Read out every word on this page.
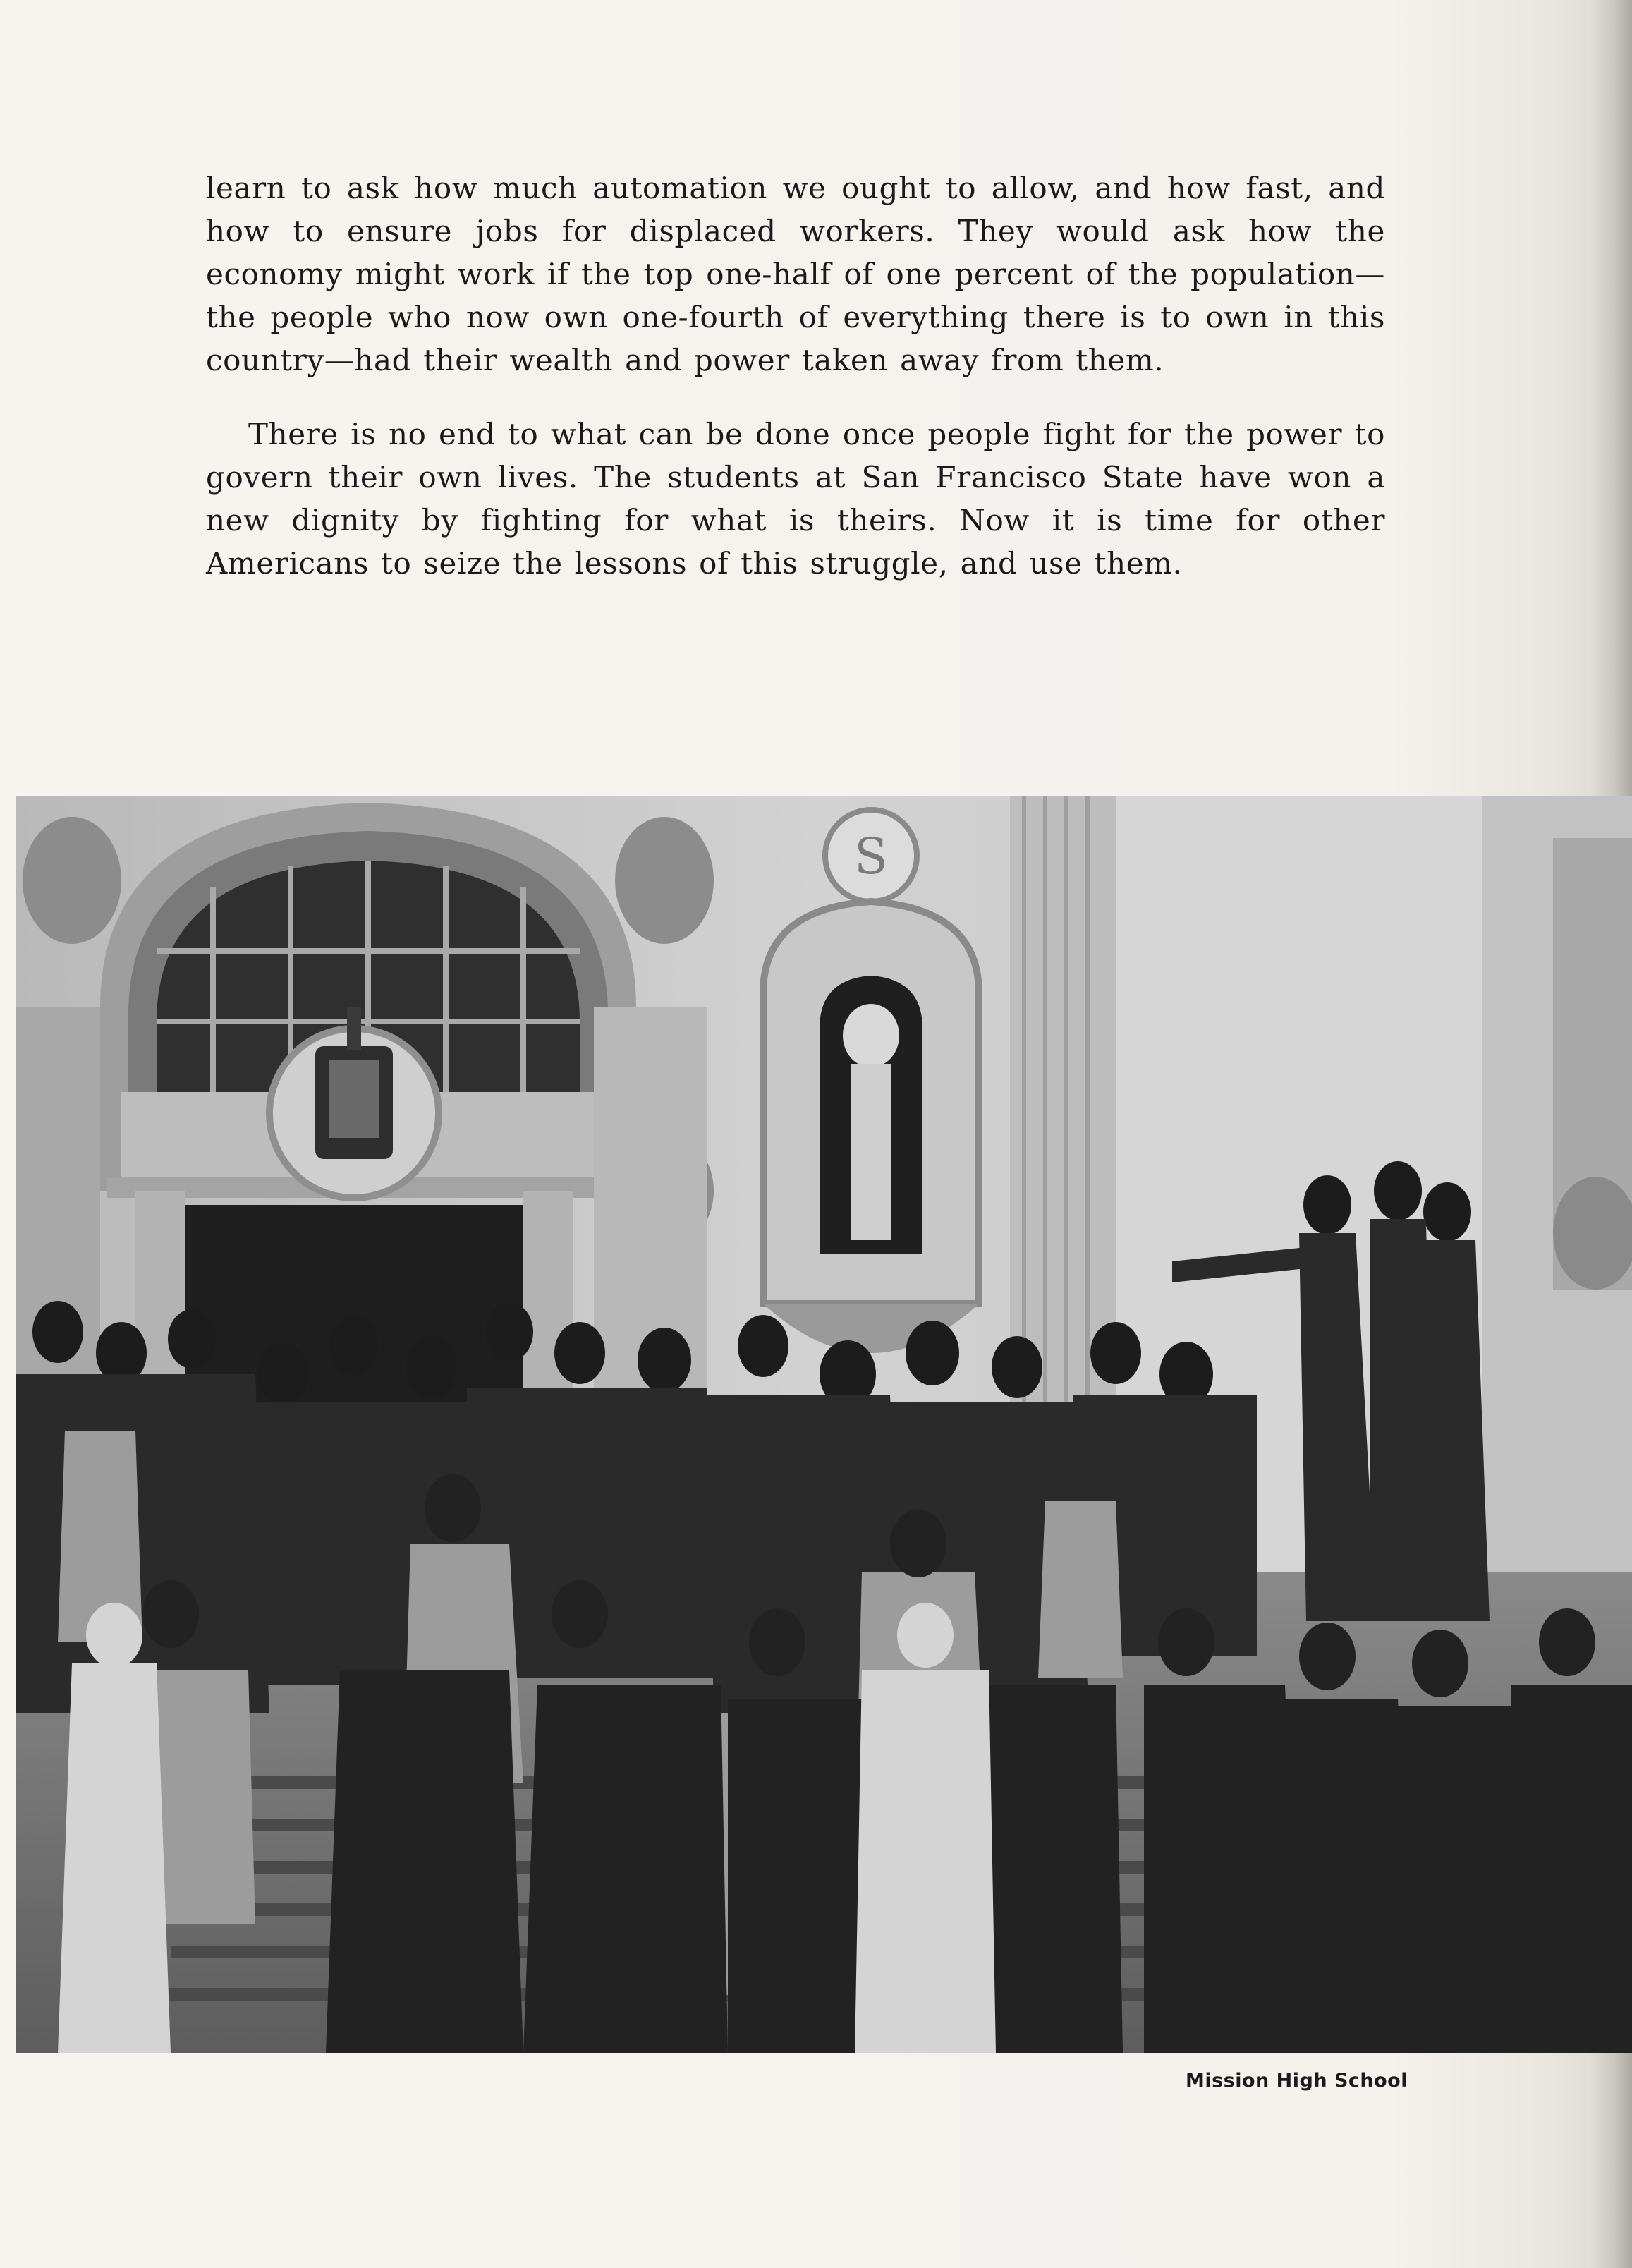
learn to ask how much automation we ought to allow, and how fast, and how to ensure jobs for displaced workers. They would ask how the economy might work if the top one-half of one percent of the population—the people who now own one-fourth of everything there is to own in this country—had their wealth and power taken away from them.

There is no end to what can be done once people fight for the power to govern their own lives. The students at San Francisco State have won a new dignity by fighting for what is theirs. Now it is time for other Americans to seize the lessons of this struggle, and use them.

S
Mission High School
